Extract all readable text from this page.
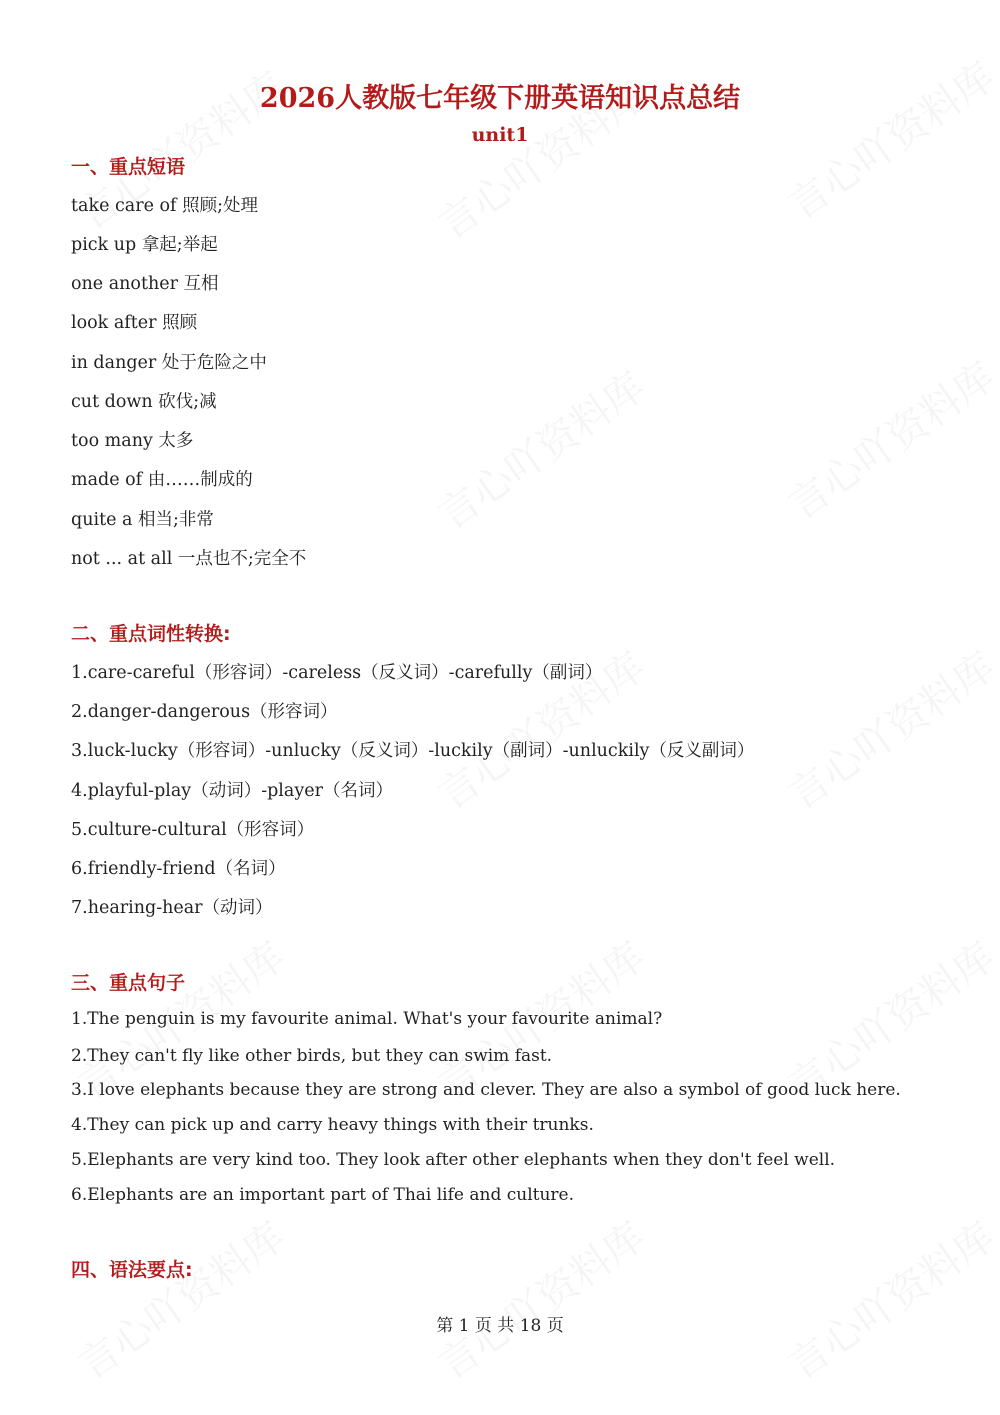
2026人教版七年级下册英语知识点总结
unit1
一、重点短语
take care of 照顾;处理
pick up 拿起;举起
one another 互相
look after 照顾
in danger 处于危险之中
cut down 砍伐;减
too many 太多
made of 由……制成的
quite a 相当;非常
not ... at all 一点也不;完全不
二、重点词性转换:
1.care-careful（形容词）-careless（反义词）-carefully（副词）
2.danger-dangerous（形容词）
3.luck-lucky（形容词）-unlucky（反义词）-luckily（副词）-unluckily（反义副词）
4.playful-play（动词）-player（名词）
5.culture-cultural（形容词）
6.friendly-friend（名词）
7.hearing-hear（动词）
三、重点句子
1.The penguin is my favourite animal. What's your favourite animal?
2.They can't fly like other birds, but they can swim fast.
3.I love elephants because they are strong and clever. They are also a symbol of good luck here.
4.They can pick up and carry heavy things with their trunks.
5.Elephants are very kind too. They look after other elephants when they don't feel well.
6.Elephants are an important part of Thai life and culture.
四、语法要点:
第 1 页 共 18 页
